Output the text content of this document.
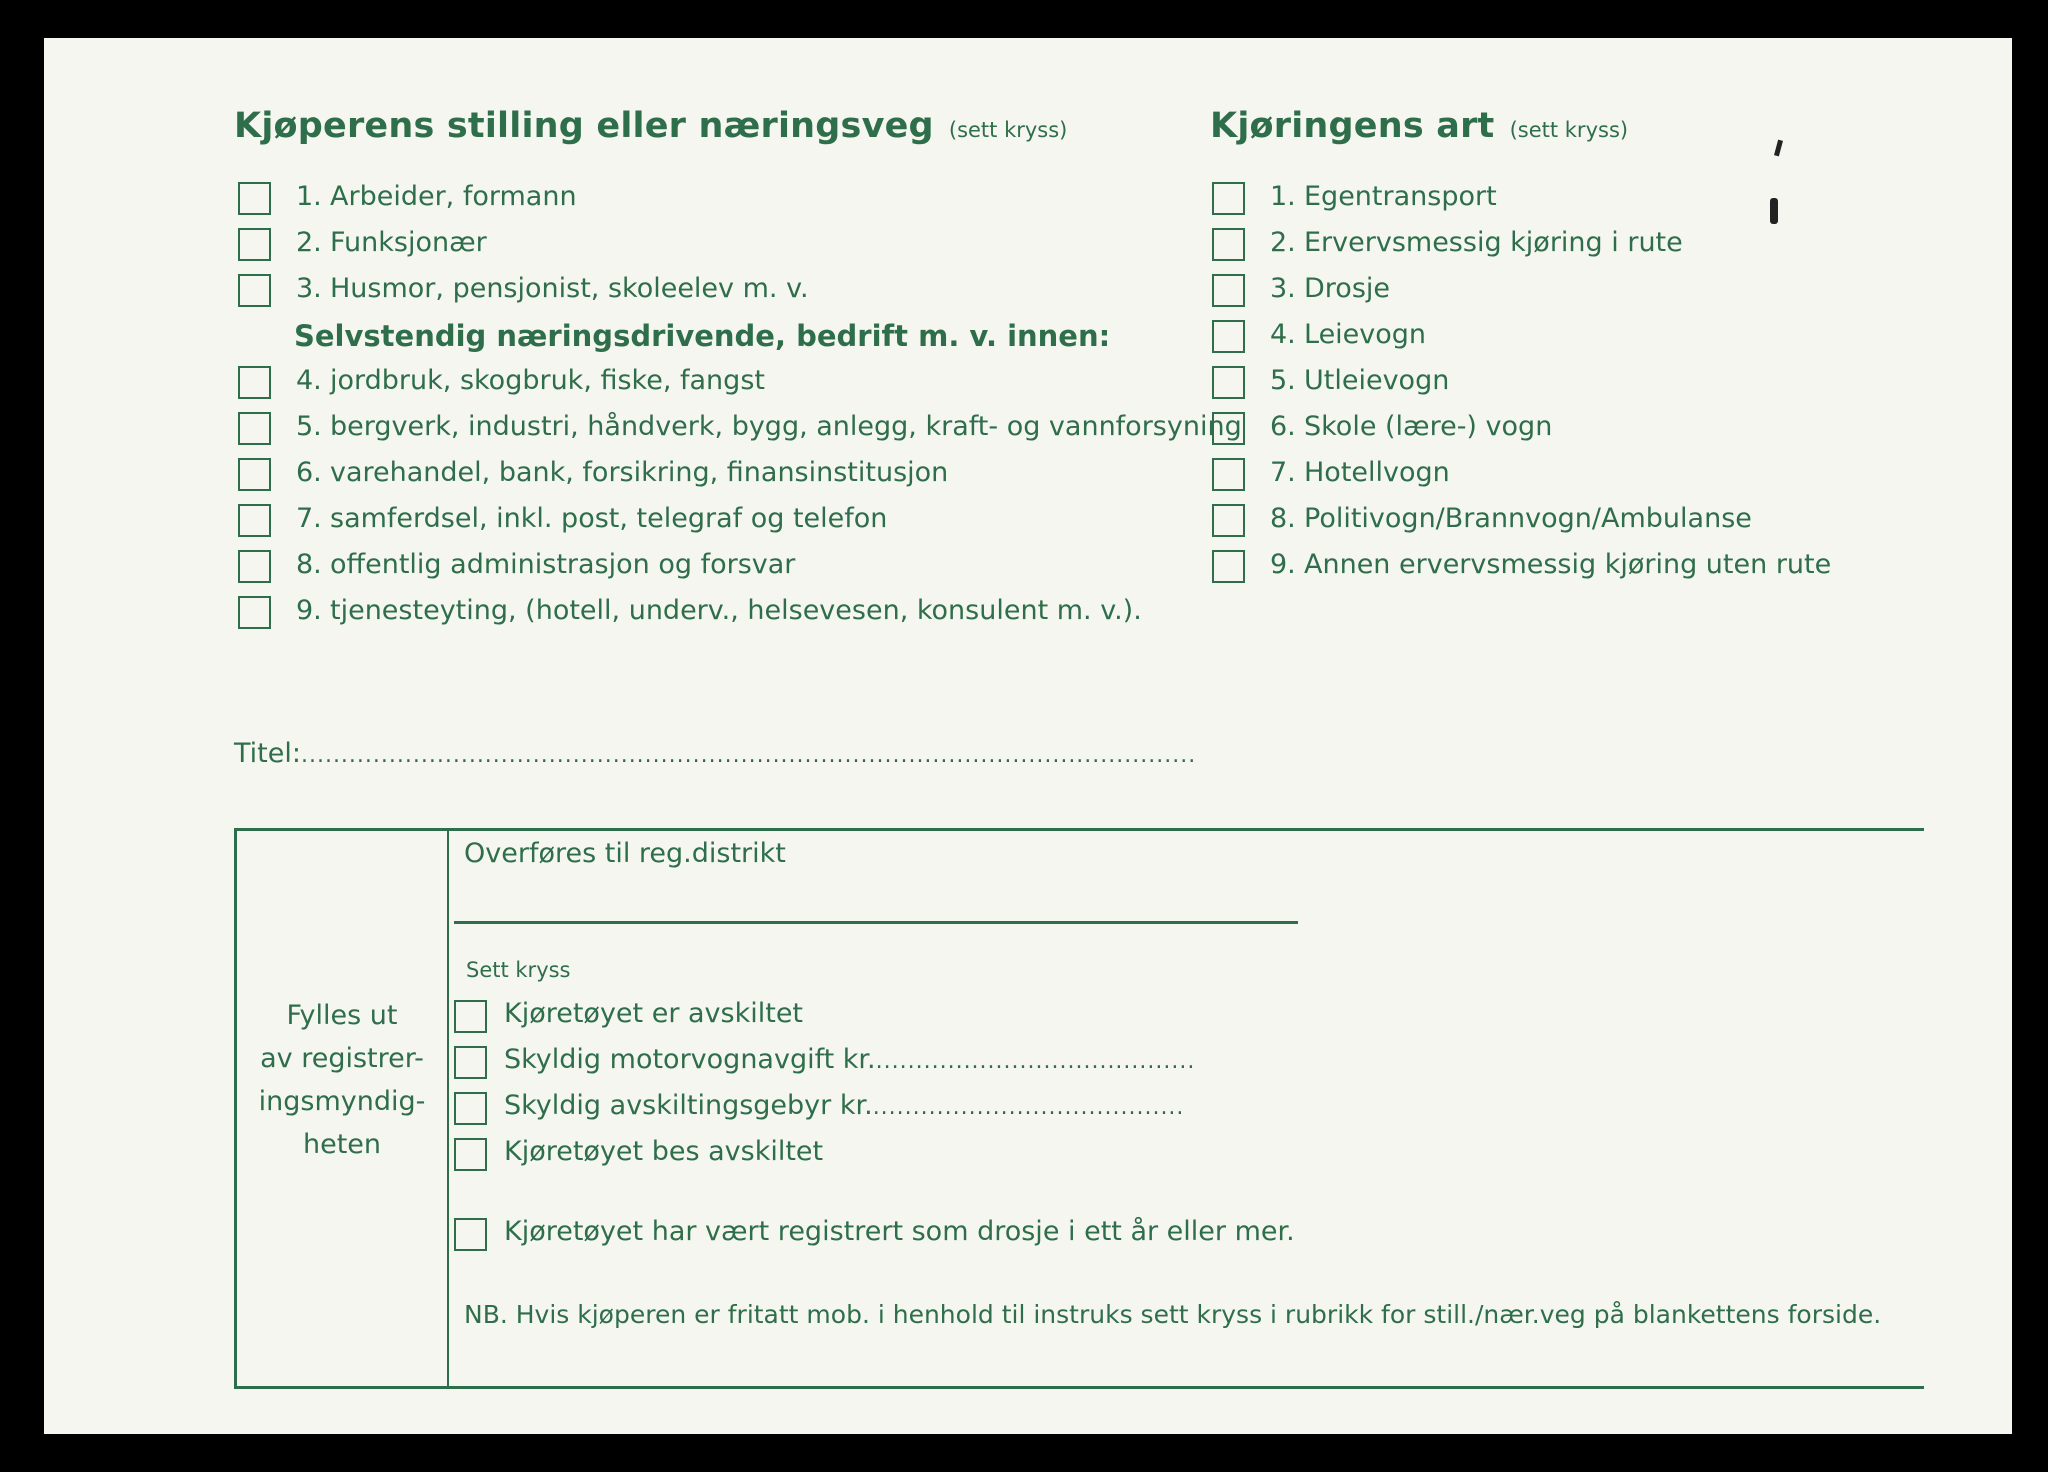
Kjøperens stilling eller næringsveg (sett kryss)
1. Arbeider, formann
2. Funksjonær
3. Husmor, pensjonist, skoleelev m. v.
Selvstendig næringsdrivende, bedrift m. v. innen:
4. jordbruk, skogbruk, fiske, fangst
5. bergverk, industri, håndverk, bygg, anlegg, kraft- og vannforsyning
6. varehandel, bank, forsikring, finansinstitusjon
7. samferdsel, inkl. post, telegraf og telefon
8. offentlig administrasjon og forsvar
9. tjenesteyting, (hotell, underv., helsevesen, konsulent m. v.).
Kjøringens art (sett kryss)
1. Egentransport
2. Ervervsmessig kjøring i rute
3. Drosje
4. Leievogn
5. Utleievogn
6. Skole (lære-) vogn
7. Hotellvogn
8. Politivogn/Brannvogn/Ambulanse
9. Annen ervervsmessig kjøring uten rute
Titel:................................................................................................................
Fylles ut
av registrer-
ingsmyndig-
heten
Overføres til reg.distrikt
Sett kryss
Kjøretøyet er avskiltet
Skyldig motorvognavgift kr.........................................
Skyldig avskiltingsgebyr kr........................................
Kjøretøyet bes avskiltet
Kjøretøyet har vært registrert som drosje i ett år eller mer.
NB. Hvis kjøperen er fritatt mob. i henhold til instruks sett kryss i rubrikk for still./nær.veg på blankettens forside.
